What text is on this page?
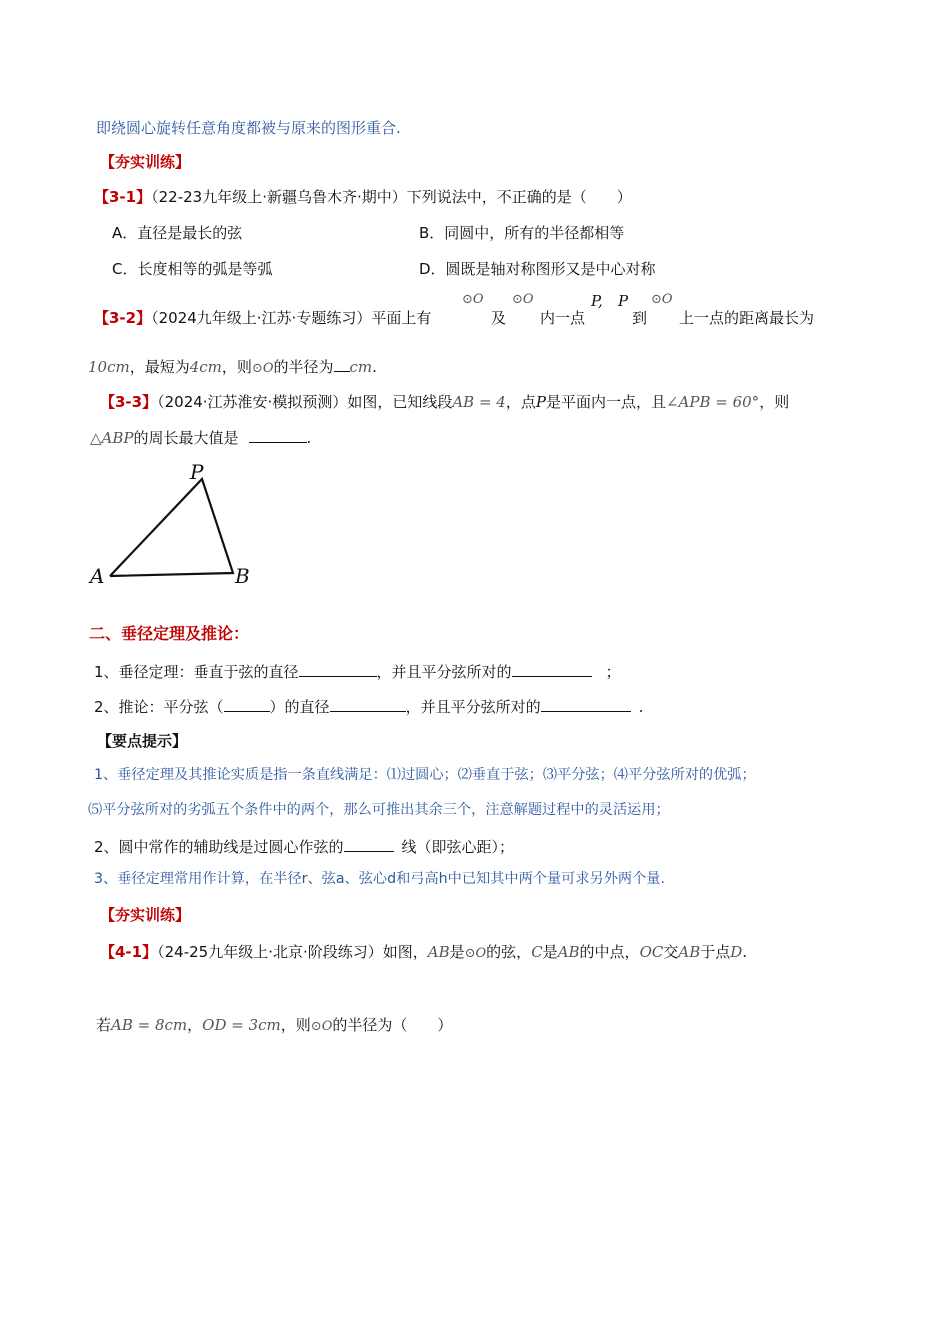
即绕圆心旋转任意角度都被与原来的图形重合.
【夯实训练】
【3-1】（22-23九年级上·新疆乌鲁木齐·期中）下列说法中，不正确的是（　　）
A．直径是最长的弦	B．同圆中，所有的半径都相等
C．长度相等的弧是等弧	D．圆既是轴对称图形又是中心对称
【3-2】（2024九年级上·江苏·专题练习）平面上有
⊙O
及
⊙O
内一点
P, P
到
⊙O
上一点的距离最长为
10cm，最短为4cm，则⊙O的半径为 cm.
【3-3】（2024·江苏淮安·模拟预测）如图，已知线段AB = 4，点P是平面内一点，且∠APB = 60°，则
△ABP的周长最大值是	.
P
A	B
二、垂径定理及推论：
1、垂径定理：垂直于弦的直径	，并且平分弦所对的	；
2、推论：平分弦（	）的直径	，并且平分弦所对的	.
【要点提示】
1、垂径定理及其推论实质是指一条直线满足：⑴过圆心；⑵垂直于弦；⑶平分弦；⑷平分弦所对的优弧；
⑸平分弦所对的劣弧五个条件中的两个，那么可推出其余三个，注意解题过程中的灵活运用；
2、圆中常作的辅助线是过圆心作弦的	线（即弦心距）；
3、垂径定理常用作计算，在半径r、弦a、弦心d和弓高h中已知其中两个量可求另外两个量.
【夯实训练】
【4-1】（24-25九年级上·北京·阶段练习）如图，AB是⊙O的弦，C是AB的中点，OC交AB于点D.
若AB = 8cm，OD = 3cm，则⊙O的半径为（　　）
